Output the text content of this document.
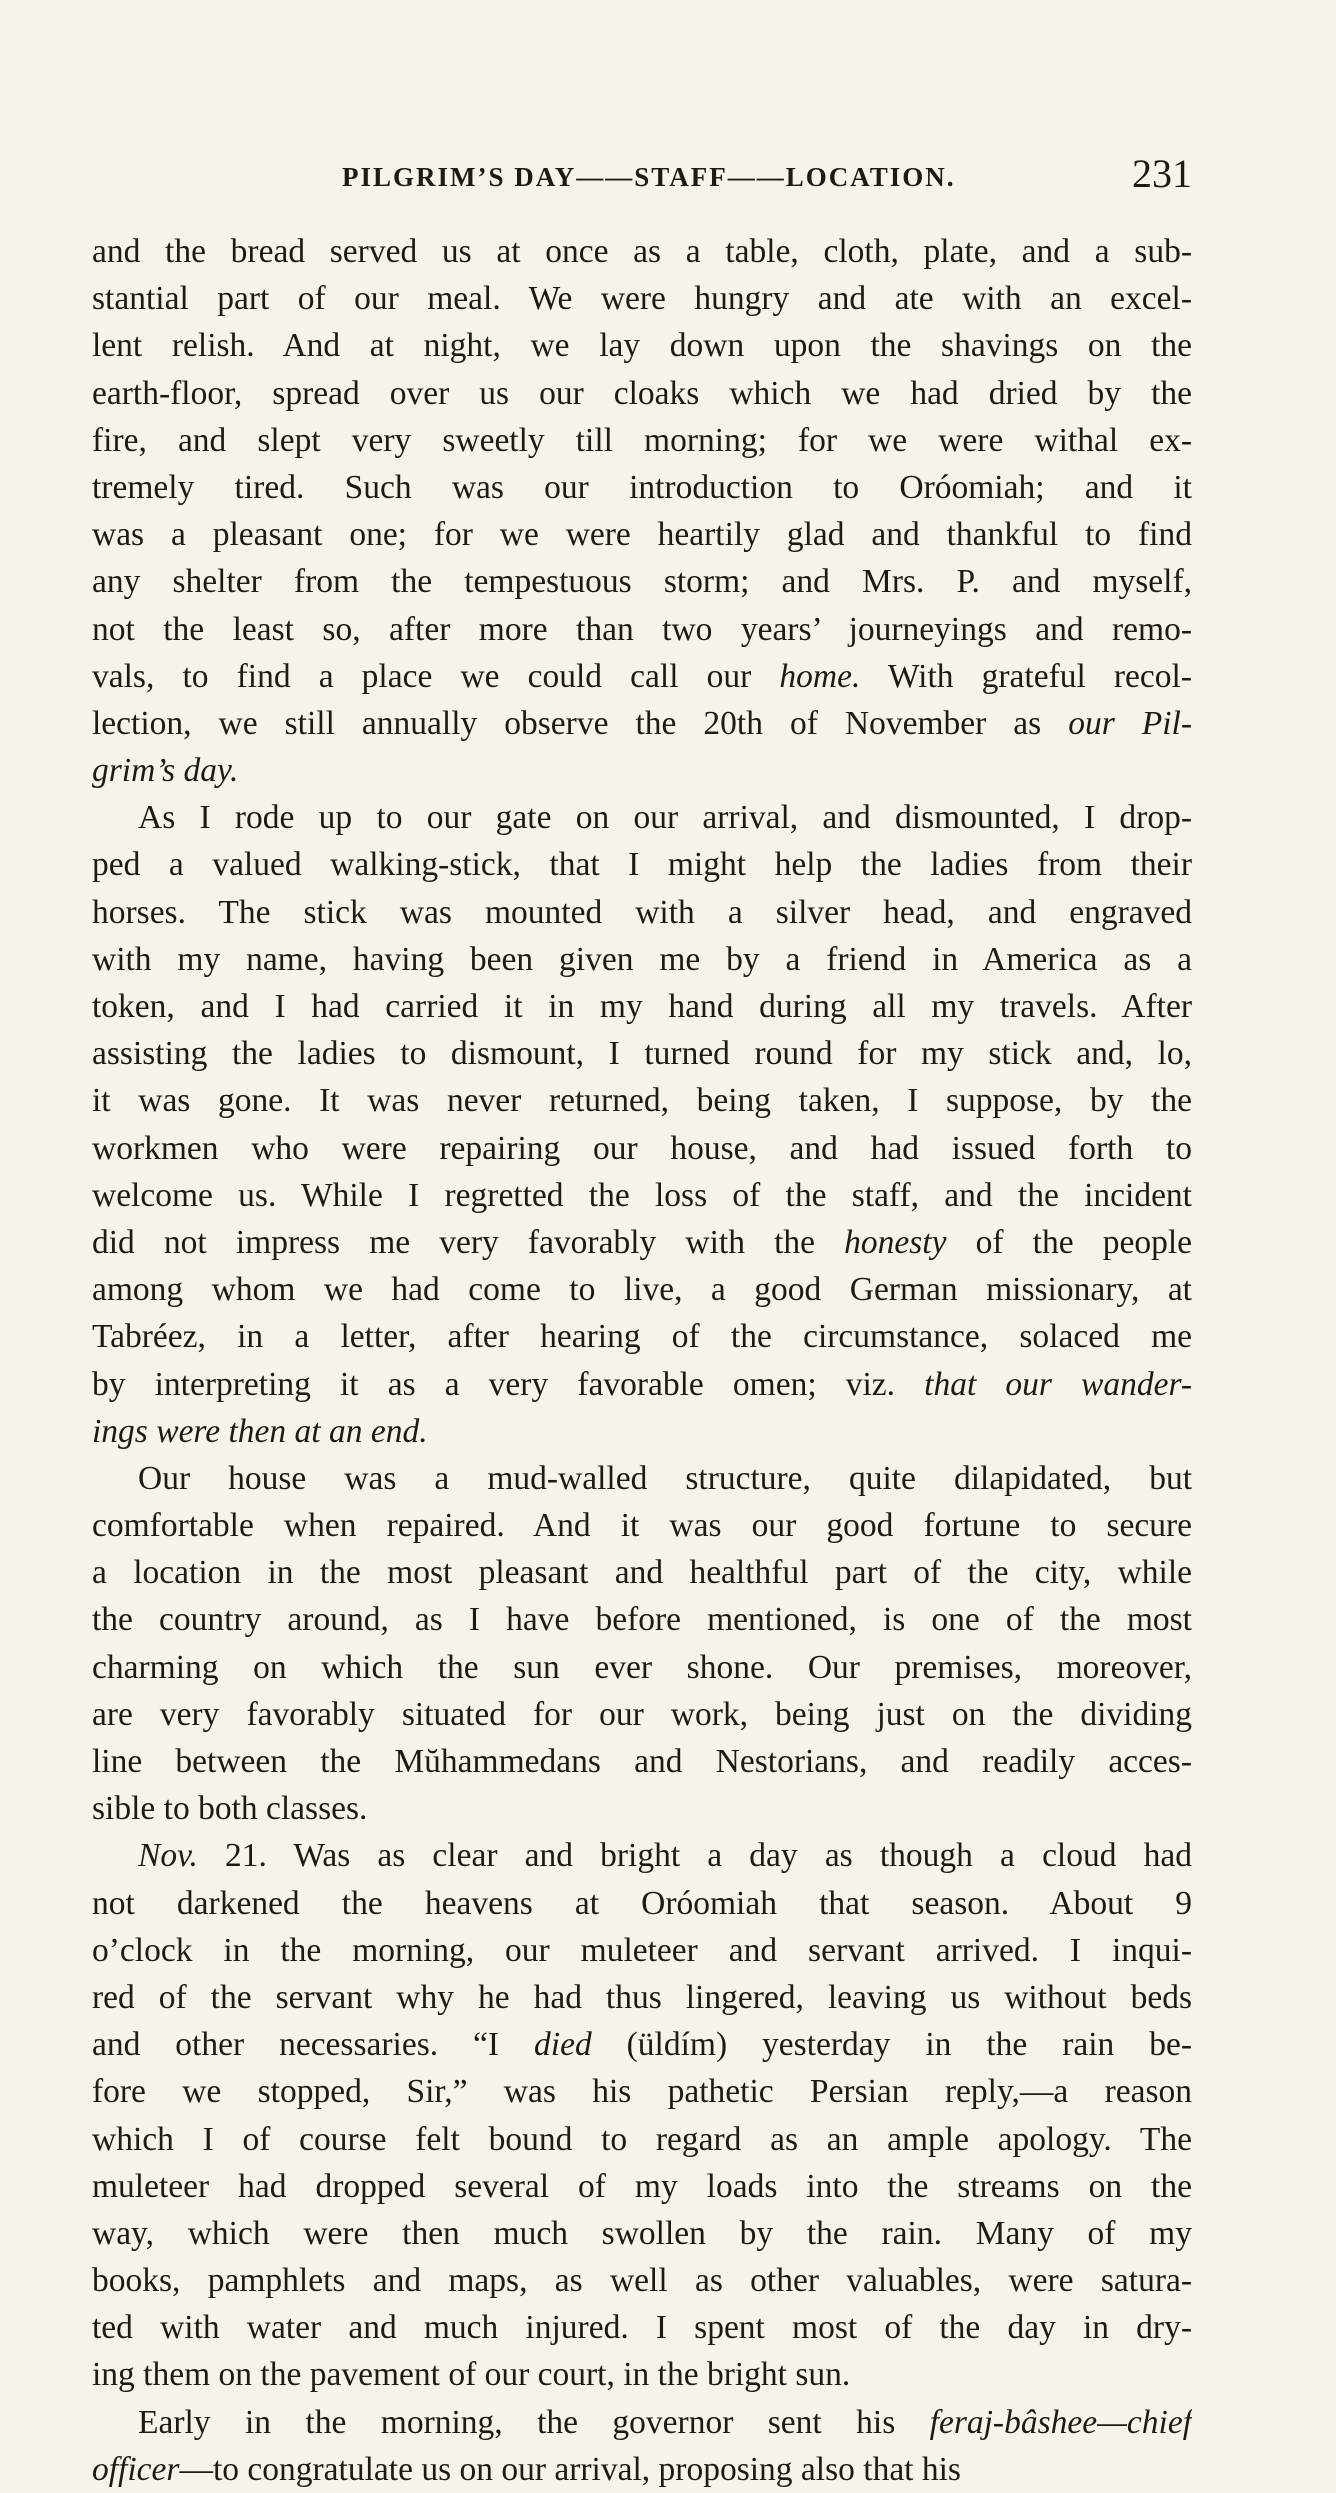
PILGRIM’S DAY——STAFF——LOCATION.	231
and the bread served us at once as a table, cloth, plate, and a sub-
stantial part of our meal. We were hungry and ate with an excel-
lent relish. And at night, we lay down upon the shavings on the
earth-floor, spread over us our cloaks which we had dried by the
fire, and slept very sweetly till morning; for we were withal ex-
tremely tired. Such was our introduction to Oróomiah; and it
was a pleasant one; for we were heartily glad and thankful to find
any shelter from the tempestuous storm; and Mrs. P. and myself,
not the least so, after more than two years’ journeyings and remo-
vals, to find a place we could call our home. With grateful recol-
lection, we still annually observe the 20th of November as our Pil-
grim’s day.
As I rode up to our gate on our arrival, and dismounted, I drop-
ped a valued walking-stick, that I might help the ladies from their
horses. The stick was mounted with a silver head, and engraved
with my name, having been given me by a friend in America as a
token, and I had carried it in my hand during all my travels. After
assisting the ladies to dismount, I turned round for my stick and, lo,
it was gone. It was never returned, being taken, I suppose, by the
workmen who were repairing our house, and had issued forth to
welcome us. While I regretted the loss of the staff, and the incident
did not impress me very favorably with the honesty of the people
among whom we had come to live, a good German missionary, at
Tabréez, in a letter, after hearing of the circumstance, solaced me
by interpreting it as a very favorable omen; viz. that our wander-
ings were then at an end.
Our house was a mud-walled structure, quite dilapidated, but
comfortable when repaired. And it was our good fortune to secure
a location in the most pleasant and healthful part of the city, while
the country around, as I have before mentioned, is one of the most
charming on which the sun ever shone. Our premises, moreover,
are very favorably situated for our work, being just on the dividing
line between the Mŭhammedans and Nestorians, and readily acces-
sible to both classes.
Nov. 21. Was as clear and bright a day as though a cloud had
not darkened the heavens at Oróomiah that season. About 9
o’clock in the morning, our muleteer and servant arrived. I inqui-
red of the servant why he had thus lingered, leaving us without beds
and other necessaries. “I died (üldím) yesterday in the rain be-
fore we stopped, Sir,” was his pathetic Persian reply,—a reason
which I of course felt bound to regard as an ample apology. The
muleteer had dropped several of my loads into the streams on the
way, which were then much swollen by the rain. Many of my
books, pamphlets and maps, as well as other valuables, were satura-
ted with water and much injured. I spent most of the day in dry-
ing them on the pavement of our court, in the bright sun.
Early in the morning, the governor sent his feraj-bâshee—chief
officer—to congratulate us on our arrival, proposing also that his
